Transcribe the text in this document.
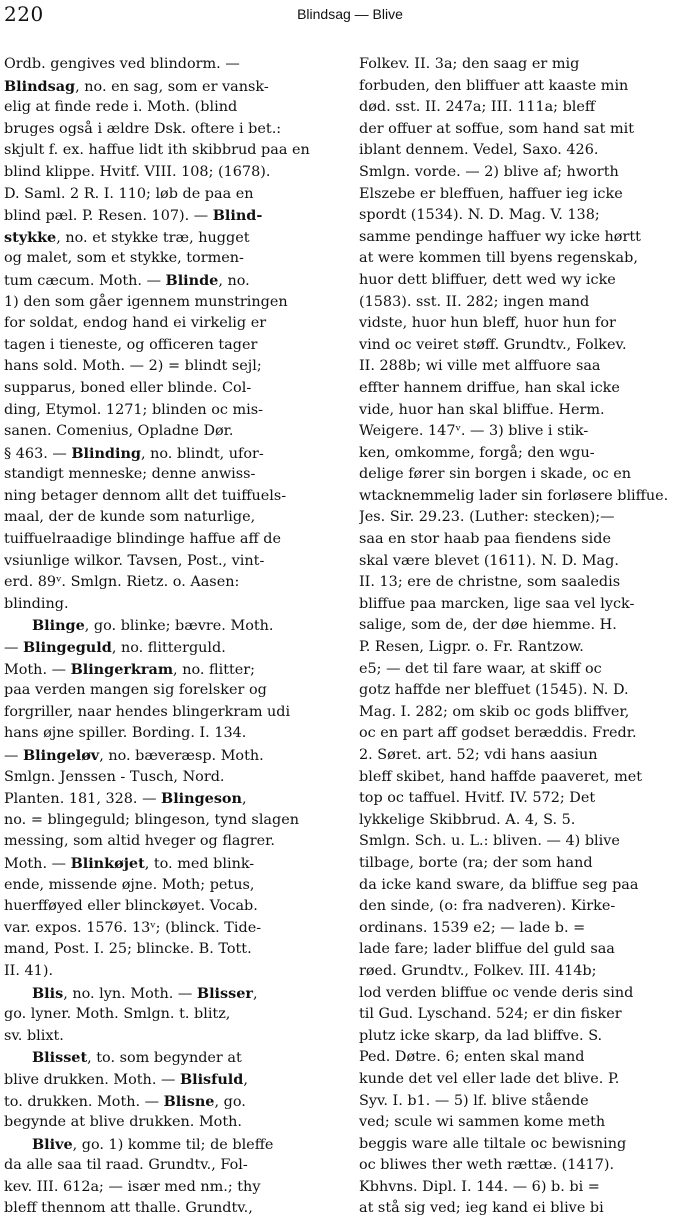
220	Blindsag — Blive
Ordb. gengives ved blindorm. —
Blindsag, no. en sag, som er vansk-
elig at finde rede i. Moth. (blind
bruges også i ældre Dsk. oftere i bet.:
skjult f. ex. haffue lidt ith skibbrud paa en
blind klippe. Hvitf. VIII. 108; (1678).
D. Saml. 2 R. I. 110; løb de paa en
blind pæl. P. Resen. 107). — Blind-
stykke, no. et stykke træ, hugget
og malet, som et stykke, tormen-
tum cæcum. Moth. — Blinde, no.
1) den som gåer igennem munstringen
for soldat, endog hand ei virkelig er
tagen i tieneste, og officeren tager
hans sold. Moth. — 2) = blindt sejl;
supparus, boned eller blinde. Col-
ding, Etymol. 1271; blinden oc mis-
sanen. Comenius, Opladne Dør.
§ 463. — Blinding, no. blindt, ufor-
standigt menneske; denne anwiss-
ning betager dennom allt det tuiffuels-
maal, der de kunde som naturlige,
tuiffuelraadige blindinge haffue aff de
vsiunlige wilkor. Tavsen, Post., vint-
erd. 89ᵛ. Smlgn. Rietz. o. Aasen:
blinding.
Blinge, go. blinke; bævre. Moth.
— Blingeguld, no. flitterguld.
Moth. — Blingerkram, no. flitter;
paa verden mangen sig forelsker og
forgriller, naar hendes blingerkram udi
hans øjne spiller. Bording. I. 134.
— Blingeløv, no. bæveræsp. Moth.
Smlgn. Jenssen - Tusch, Nord.
Planten. 181, 328. — Blingeson,
no. = blingeguld; blingeson, tynd slagen
messing, som altid hveger og flagrer.
Moth. — Blinkøjet, to. med blink-
ende, missende øjne. Moth; petus,
huerfføyed eller blinckøyet. Vocab.
var. expos. 1576. 13ᵛ; (blinck. Tide-
mand, Post. I. 25; blincke. B. Tott.
II. 41).
Blis, no. lyn. Moth. — Blisser,
go. lyner. Moth. Smlgn. t. blitz,
sv. blixt.
Blisset, to. som begynder at
blive drukken. Moth. — Blisfuld,
to. drukken. Moth. — Blisne, go.
begynde at blive drukken. Moth.
Blive, go. 1) komme til; de bleffe
da alle saa til raad. Grundtv., Fol-
kev. III. 612a; — især med nm.; thy
bleff thennom att thalle. Grundtv.,
Folkev. II. 3a; den saag er mig
forbuden, den bliffuer att kaaste min
død. sst. II. 247a; III. 111a; bleff
der offuer at soffue, som hand sat mit
iblant dennem. Vedel, Saxo. 426.
Smlgn. vorde. — 2) blive af; hworth
Elszebe er bleffuen, haffuer ieg icke
spordt (1534). N. D. Mag. V. 138;
samme pendinge haffuer wy icke hørtt
at were kommen till byens regenskab,
huor dett bliffuer, dett wed wy icke
(1583). sst. II. 282; ingen mand
vidste, huor hun bleff, huor hun for
vind oc veiret støff. Grundtv., Folkev.
II. 288b; wi ville met alffuore saa
effter hannem driffue, han skal icke
vide, huor han skal bliffue. Herm.
Weigere. 147ᵛ. — 3) blive i stik-
ken, omkomme, forgå; den wgu-
delige fører sin borgen i skade, oc en
wtacknemmelig lader sin forløsere bliffue.
Jes. Sir. 29.23. (Luther: stecken);—
saa en stor haab paa fiendens side
skal være blevet (1611). N. D. Mag.
II. 13; ere de christne, som saaledis
bliffue paa marcken, lige saa vel lyck-
salige, som de, der døe hiemme. H.
P. Resen, Ligpr. o. Fr. Rantzow.
e5; — det til fare waar, at skiff oc
gotz haffde ner bleffuet (1545). N. D.
Mag. I. 282; om skib oc gods bliffver,
oc en part aff godset beræddis. Fredr.
2. Søret. art. 52; vdi hans aasiun
bleff skibet, hand haffde paaveret, met
top oc taffuel. Hvitf. IV. 572; Det
lykkelige Skibbrud. A. 4, S. 5.
Smlgn. Sch. u. L.: bliven. — 4) blive
tilbage, borte (ra; der som hand
da icke kand sware, da bliffue seg paa
den sinde, (o: fra nadveren). Kirke-
ordinans. 1539 e2; — lade b. =
lade fare; lader bliffue del guld saa
røed. Grundtv., Folkev. III. 414b;
lod verden bliffue oc vende deris sind
til Gud. Lyschand. 524; er din fisker
plutz icke skarp, da lad bliffve. S.
Ped. Døtre. 6; enten skal mand
kunde det vel eller lade det blive. P.
Syv. I. b1. — 5) lf. blive stående
ved; scule wi sammen kome meth
beggis ware alle tiltale oc bewisning
oc bliwes ther weth rættæ. (1417).
Kbhvns. Dipl. I. 144. — 6) b. bi =
at stå sig ved; ieg kand ei blive bi
